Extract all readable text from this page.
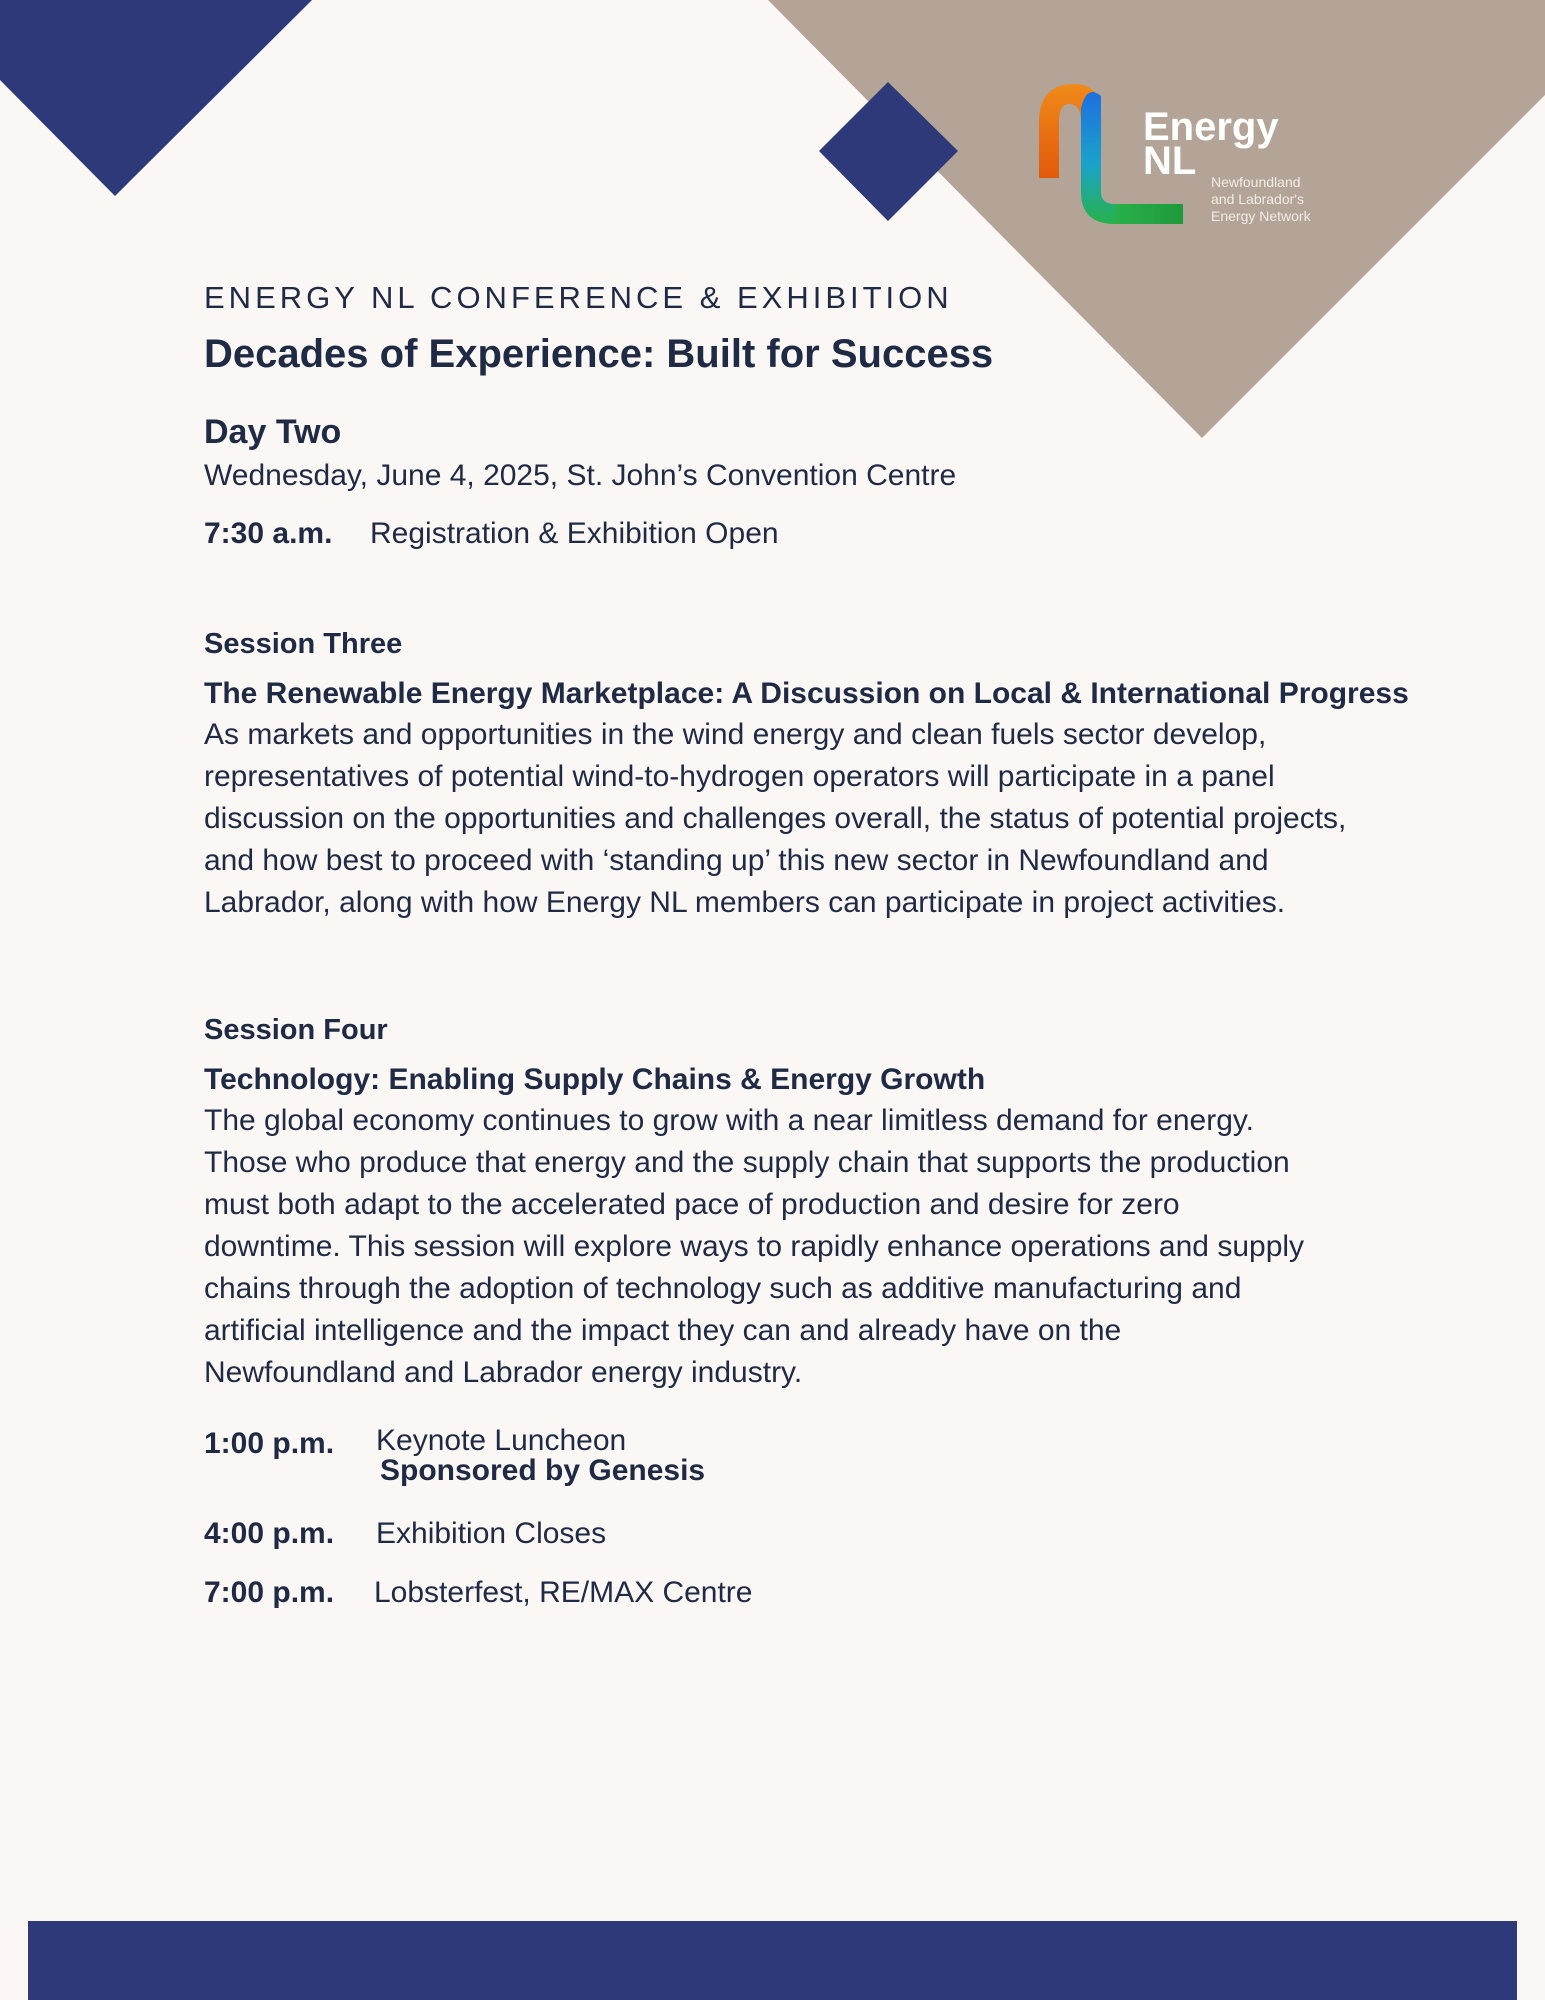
Energy
NL Newfoundland
and Labrador's
Energy Network

ENERGY NL CONFERENCE & EXHIBITION

Decades of Experience: Built for Success
Day Two

Wednesday, June 4, 2025, St. John’s Convention Centre

7:30 a.m.	Registration & Exhibition Open

Session Three

The Renewable Energy Marketplace: A Discussion on Local & International Progress

As markets and opportunities in the wind energy and clean fuels sector develop,
representatives of potential wind-to-hydrogen operators will participate in a panel
discussion on the opportunities and challenges overall, the status of potential projects,
and how best to proceed with ‘standing up’ this new sector in Newfoundland and
Labrador, along with how Energy NL members can participate in project activities.

Session Four

Technology: Enabling Supply Chains & Energy Growth

The global economy continues to grow with a near limitless demand for energy.
Those who produce that energy and the supply chain that supports the production
must both adapt to the accelerated pace of production and desire for zero
downtime. This session will explore ways to rapidly enhance operations and supply
chains through the adoption of technology such as additive manufacturing and
artificial intelligence and the impact they can and already have on the
Newfoundland and Labrador energy industry.
1:00 p.m.	Keynote Luncheon
Sponsored by Genesis
4:00 p.m.	Exhibition Closes
7:00 p.m.	Lobsterfest, RE/MAX Centre
